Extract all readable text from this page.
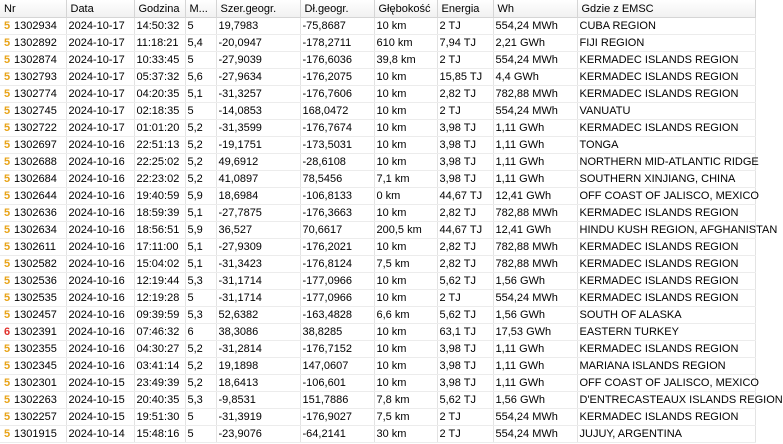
Nr	Data	Godzina	M...	Szer.geogr.	Dł.geogr.	Głębokość	Energia	Wh	Gdzie z EMSC
5 1302934	2024-10-17	14:50:32	5	19,7983	-75,8687	10 km	2 TJ	554,24 MWh	CUBA REGION
5 1302892	2024-10-17	11:18:21	5,4	-20,0947	-178,2711	610 km	7,94 TJ	2,21 GWh	FIJI REGION
5 1302874	2024-10-17	10:33:45	5	-27,9039	-176,6036	39,8 km	2 TJ	554,24 MWh	KERMADEC ISLANDS REGION
5 1302793	2024-10-17	05:37:32	5,6	-27,9634	-176,2075	10 km	15,85 TJ	4,4 GWh	KERMADEC ISLANDS REGION
5 1302774	2024-10-17	04:20:35	5,1	-31,3257	-176,7606	10 km	2,82 TJ	782,88 MWh	KERMADEC ISLANDS REGION
5 1302745	2024-10-17	02:18:35	5	-14,0853	168,0472	10 km	2 TJ	554,24 MWh	VANUATU
5 1302722	2024-10-17	01:01:20	5,2	-31,3599	-176,7674	10 km	3,98 TJ	1,11 GWh	KERMADEC ISLANDS REGION
5 1302697	2024-10-16	22:51:13	5,2	-19,1751	-173,5031	10 km	3,98 TJ	1,11 GWh	TONGA
5 1302688	2024-10-16	22:25:02	5,2	49,6912	-28,6108	10 km	3,98 TJ	1,11 GWh	NORTHERN MID-ATLANTIC RIDGE
5 1302684	2024-10-16	22:23:02	5,2	41,0897	78,5456	7,1 km	3,98 TJ	1,11 GWh	SOUTHERN XINJIANG, CHINA
5 1302644	2024-10-16	19:40:59	5,9	18,6984	-106,8133	0 km	44,67 TJ	12,41 GWh	OFF COAST OF JALISCO, MEXICO
5 1302636	2024-10-16	18:59:39	5,1	-27,7875	-176,3663	10 km	2,82 TJ	782,88 MWh	KERMADEC ISLANDS REGION
5 1302634	2024-10-16	18:56:51	5,9	36,527	70,6617	200,5 km	44,67 TJ	12,41 GWh	HINDU KUSH REGION, AFGHANISTAN
5 1302611	2024-10-16	17:11:00	5,1	-27,9309	-176,2021	10 km	2,82 TJ	782,88 MWh	KERMADEC ISLANDS REGION
5 1302582	2024-10-16	15:04:02	5,1	-31,3423	-176,8124	7,5 km	2,82 TJ	782,88 MWh	KERMADEC ISLANDS REGION
5 1302536	2024-10-16	12:19:44	5,3	-31,1714	-177,0966	10 km	5,62 TJ	1,56 GWh	KERMADEC ISLANDS REGION
5 1302535	2024-10-16	12:19:28	5	-31,1714	-177,0966	10 km	2 TJ	554,24 MWh	KERMADEC ISLANDS REGION
5 1302457	2024-10-16	09:39:59	5,3	52,6382	-163,4828	6,6 km	5,62 TJ	1,56 GWh	SOUTH OF ALASKA
6 1302391	2024-10-16	07:46:32	6	38,3086	38,8285	10 km	63,1 TJ	17,53 GWh	EASTERN TURKEY
5 1302355	2024-10-16	04:30:27	5,2	-31,2814	-176,7152	10 km	3,98 TJ	1,11 GWh	KERMADEC ISLANDS REGION
5 1302345	2024-10-16	03:41:14	5,2	19,1898	147,0607	10 km	3,98 TJ	1,11 GWh	MARIANA ISLANDS REGION
5 1302301	2024-10-15	23:49:39	5,2	18,6413	-106,601	10 km	3,98 TJ	1,11 GWh	OFF COAST OF JALISCO, MEXICO
5 1302263	2024-10-15	20:40:35	5,3	-9,8531	151,7886	7,8 km	5,62 TJ	1,56 GWh	D'ENTRECASTEAUX ISLANDS REGION
5 1302257	2024-10-15	19:51:30	5	-31,3919	-176,9027	7,5 km	2 TJ	554,24 MWh	KERMADEC ISLANDS REGION
5 1301915	2024-10-14	15:48:16	5	-23,9076	-64,2141	30 km	2 TJ	554,24 MWh	JUJUY, ARGENTINA
